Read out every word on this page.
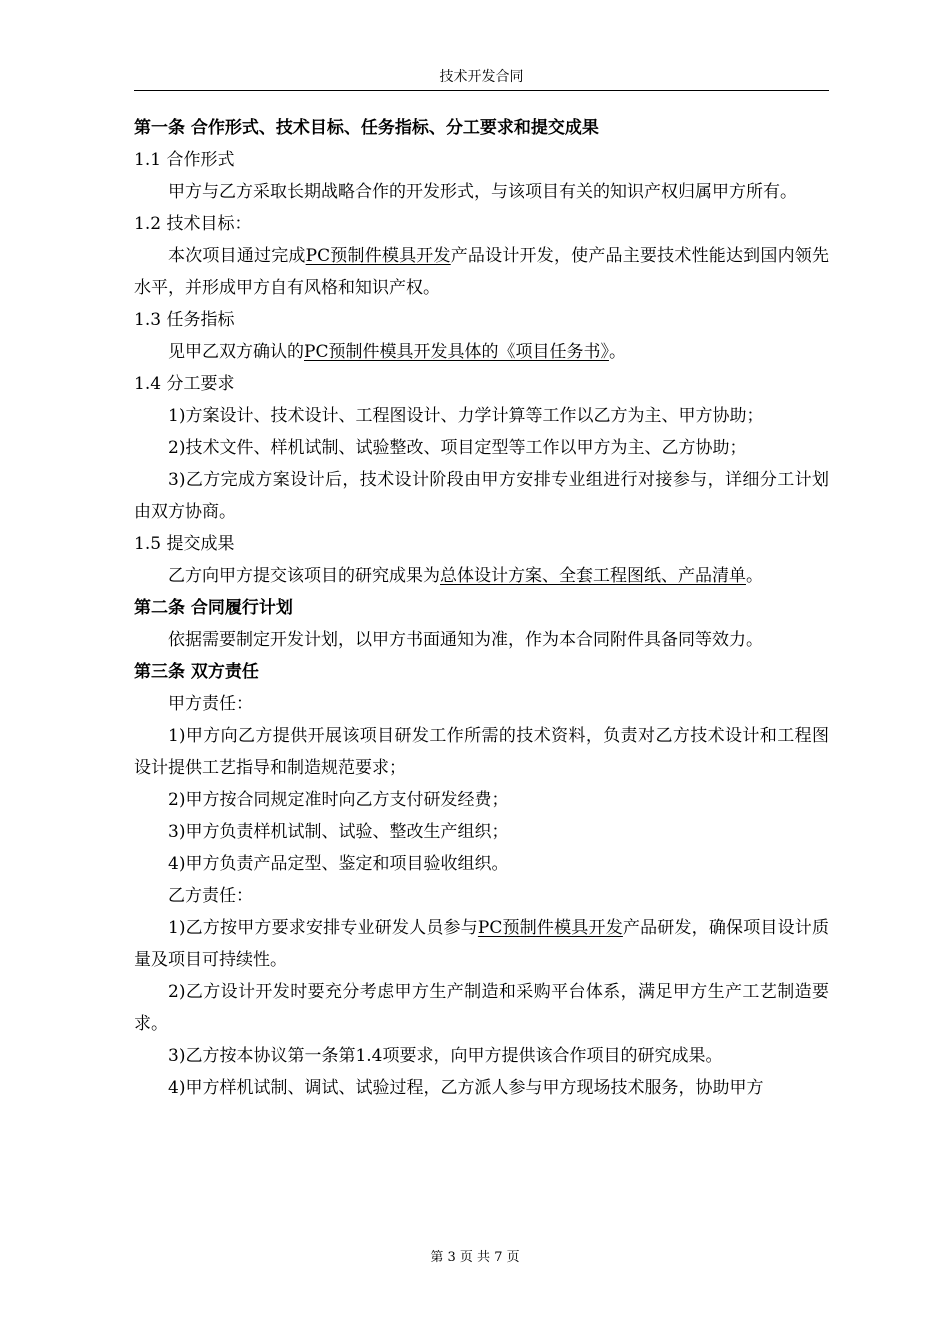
技术开发合同
第一条 合作形式、技术目标、任务指标、分工要求和提交成果
1.1 合作形式
甲方与乙方采取长期战略合作的开发形式，与该项目有关的知识产权归属甲方所有。
1.2 技术目标：
本次项目通过完成PC预制件模具开发产品设计开发，使产品主要技术性能达到国内领先水平，并形成甲方自有风格和知识产权。
1.3 任务指标
见甲乙双方确认的PC预制件模具开发具体的《项目任务书》。
1.4 分工要求
1)方案设计、技术设计、工程图设计、力学计算等工作以乙方为主、甲方协助；
2)技术文件、样机试制、试验整改、项目定型等工作以甲方为主、乙方协助；
3)乙方完成方案设计后，技术设计阶段由甲方安排专业组进行对接参与，详细分工计划由双方协商。
1.5 提交成果
乙方向甲方提交该项目的研究成果为总体设计方案、全套工程图纸、产品清单。
第二条 合同履行计划
依据需要制定开发计划，以甲方书面通知为准，作为本合同附件具备同等效力。
第三条 双方责任
甲方责任：
1)甲方向乙方提供开展该项目研发工作所需的技术资料，负责对乙方技术设计和工程图设计提供工艺指导和制造规范要求；
2)甲方按合同规定准时向乙方支付研发经费；
3)甲方负责样机试制、试验、整改生产组织；
4)甲方负责产品定型、鉴定和项目验收组织。
乙方责任：
1)乙方按甲方要求安排专业研发人员参与PC预制件模具开发产品研发，确保项目设计质量及项目可持续性。
2)乙方设计开发时要充分考虑甲方生产制造和采购平台体系，满足甲方生产工艺制造要求。
3)乙方按本协议第一条第1.4项要求，向甲方提供该合作项目的研究成果。
4)甲方样机试制、调试、试验过程，乙方派人参与甲方现场技术服务，协助甲方
第 3 页 共 7 页
